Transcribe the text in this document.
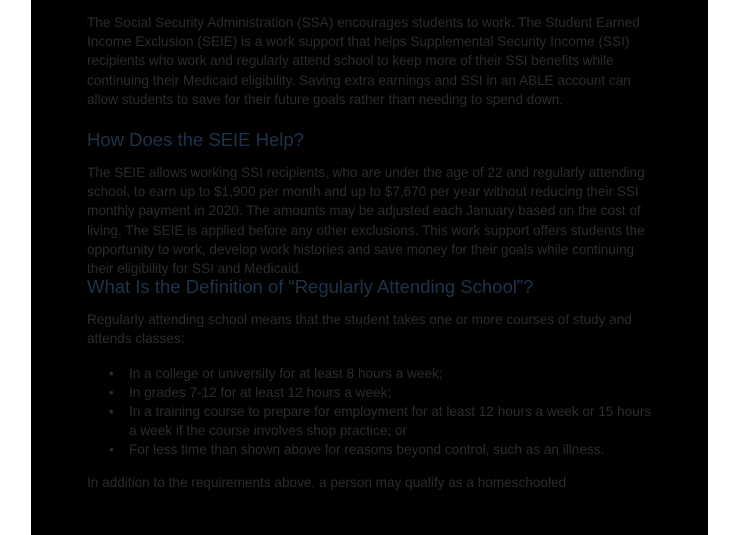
The Social Security Administration (SSA) encourages students to work. The Student Earned Income Exclusion (SEIE) is a work support that helps Supplemental Security Income (SSI) recipients who work and regularly attend school to keep more of their SSI benefits while continuing their Medicaid eligibility. Saving extra earnings and SSI in an ABLE account can allow students to save for their future goals rather than needing to spend down.

How Does the SEIE Help?

The SEIE allows working SSI recipients, who are under the age of 22 and regularly attending school, to earn up to $1,900 per month and up to $7,670 per year without reducing their SSI monthly payment in 2020. The amounts may be adjusted each January based on the cost of living. The SEIE is applied before any other exclusions. This work support offers students the opportunity to work, develop work histories and save money for their goals while continuing their eligibility for SSI and Medicaid.

What Is the Definition of “Regularly Attending School”?

Regularly attending school means that the student takes one or more courses of study and attends classes:

• In a college or university for at least 8 hours a week;
• In grades 7-12 for at least 12 hours a week;
• In a training course to prepare for employment for at least 12 hours a week or 15 hours a week if the course involves shop practice; or
• For less time than shown above for reasons beyond control, such as an illness.

In addition to the requirements above, a person may qualify as a homeschooled
